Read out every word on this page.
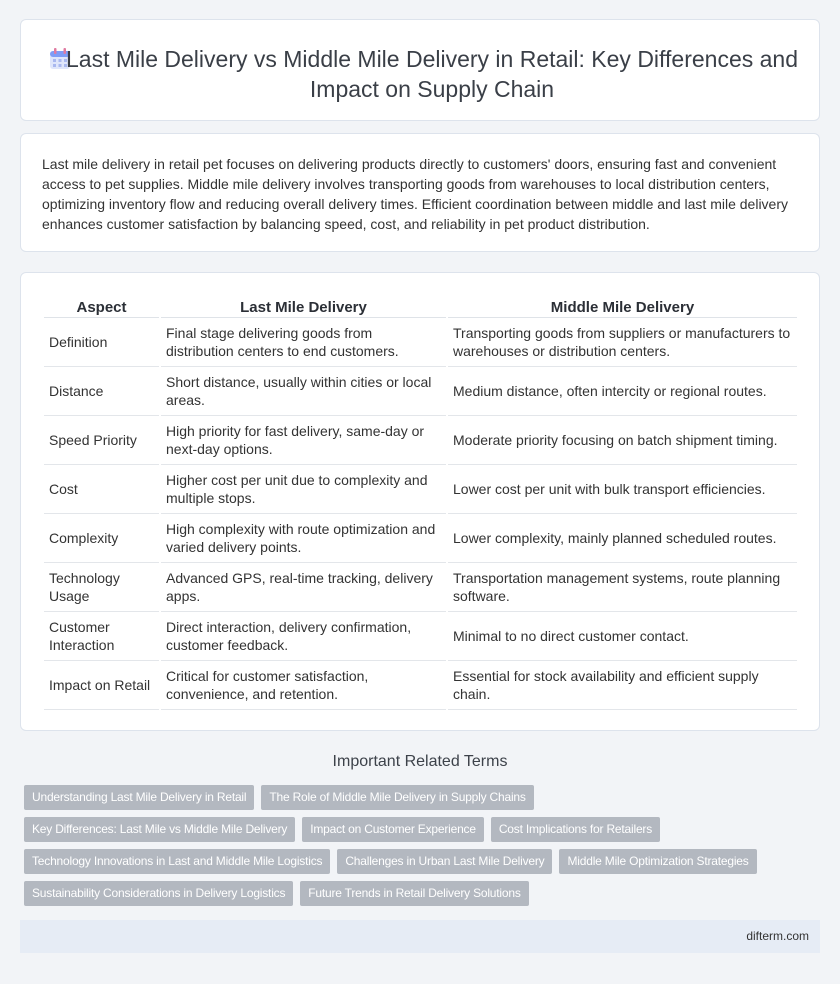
Last Mile Delivery vs Middle Mile Delivery in Retail: Key Differences and Impact on Supply Chain

Last mile delivery in retail pet focuses on delivering products directly to customers' doors, ensuring fast and convenient access to pet supplies. Middle mile delivery involves transporting goods from warehouses to local distribution centers, optimizing inventory flow and reducing overall delivery times. Efficient coordination between middle and last mile delivery enhances customer satisfaction by balancing speed, cost, and reliability in pet product distribution.

Aspect	Last Mile Delivery	Middle Mile Delivery
Definition	Final stage delivering goods from distribution centers to end customers.	Transporting goods from suppliers or manufacturers to warehouses or distribution centers.
Distance	Short distance, usually within cities or local areas.	Medium distance, often intercity or regional routes.
Speed Priority	High priority for fast delivery, same-day or next-day options.	Moderate priority focusing on batch shipment timing.
Cost	Higher cost per unit due to complexity and multiple stops.	Lower cost per unit with bulk transport efficiencies.
Complexity	High complexity with route optimization and varied delivery points.	Lower complexity, mainly planned scheduled routes.
Technology Usage	Advanced GPS, real-time tracking, delivery apps.	Transportation management systems, route planning software.
Customer Interaction	Direct interaction, delivery confirmation, customer feedback.	Minimal to no direct customer contact.
Impact on Retail	Critical for customer satisfaction, convenience, and retention.	Essential for stock availability and efficient supply chain.
Important Related Terms
Understanding Last Mile Delivery in Retail	The Role of Middle Mile Delivery in Supply Chains
Key Differences: Last Mile vs Middle Mile Delivery	Impact on Customer Experience	Cost Implications for Retailers
Technology Innovations in Last and Middle Mile Logistics	Challenges in Urban Last Mile Delivery	Middle Mile Optimization Strategies
Sustainability Considerations in Delivery Logistics	Future Trends in Retail Delivery Solutions
difterm.com
